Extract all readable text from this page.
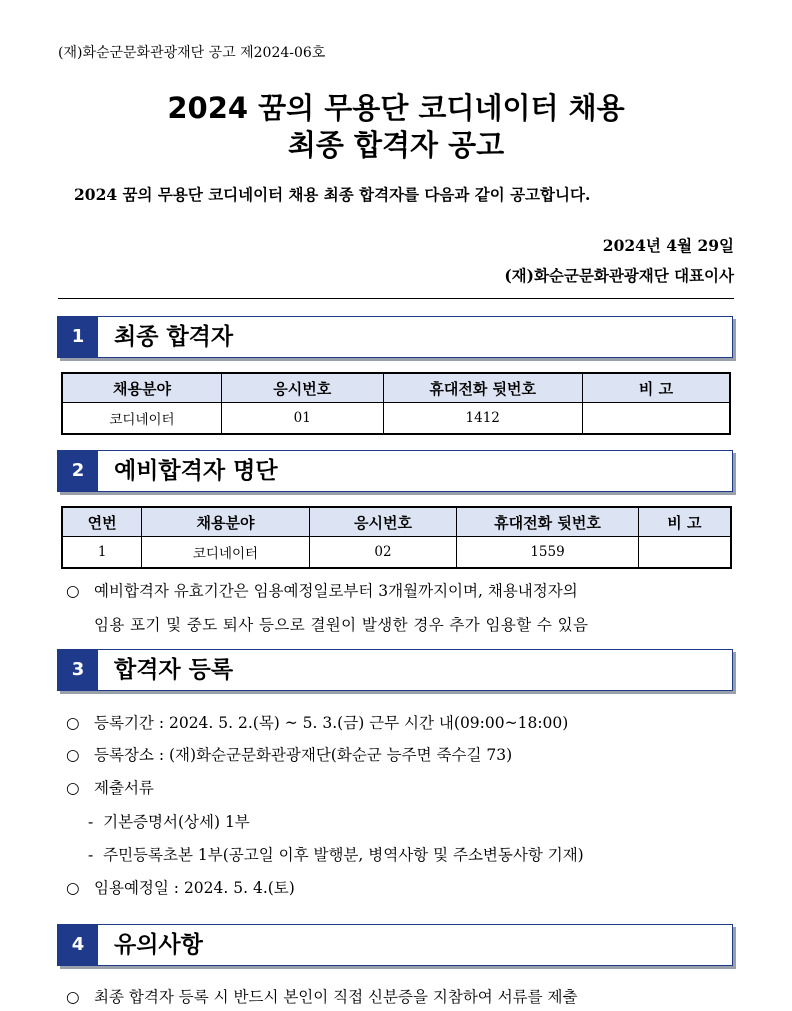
(재)화순군문화관광재단 공고 제2024-06호
2024 꿈의 무용단 코디네이터 채용
최종 합격자 공고
2024 꿈의 무용단 코디네이터 채용 최종 합격자를 다음과 같이 공고합니다.
2024년 4월 29일
(재)화순군문화관광재단 대표이사
1	최종 합격자
채용분야	응시번호	휴대전화 뒷번호	비 고
코디네이터	01	1412	
2	예비합격자 명단
연번	채용분야	응시번호	휴대전화 뒷번호	비 고
1	코디네이터	02	1559	
○ 예비합격자 유효기간은 임용예정일로부터 3개월까지이며, 채용내정자의
임용 포기 및 중도 퇴사 등으로 결원이 발생한 경우 추가 임용할 수 있음
3	합격자 등록
○ 등록기간 : 2024. 5. 2.(목) ~ 5. 3.(금) 근무 시간 내(09:00~18:00)
○ 등록장소 : (재)화순군문화관광재단(화순군 능주면 죽수길 73)
○ 제출서류
- 기본증명서(상세) 1부
- 주민등록초본 1부(공고일 이후 발행분, 병역사항 및 주소변동사항 기재)
○ 임용예정일 : 2024. 5. 4.(토)
4	유의사항
○ 최종 합격자 등록 시 반드시 본인이 직접 신분증을 지참하여 서류를 제출
